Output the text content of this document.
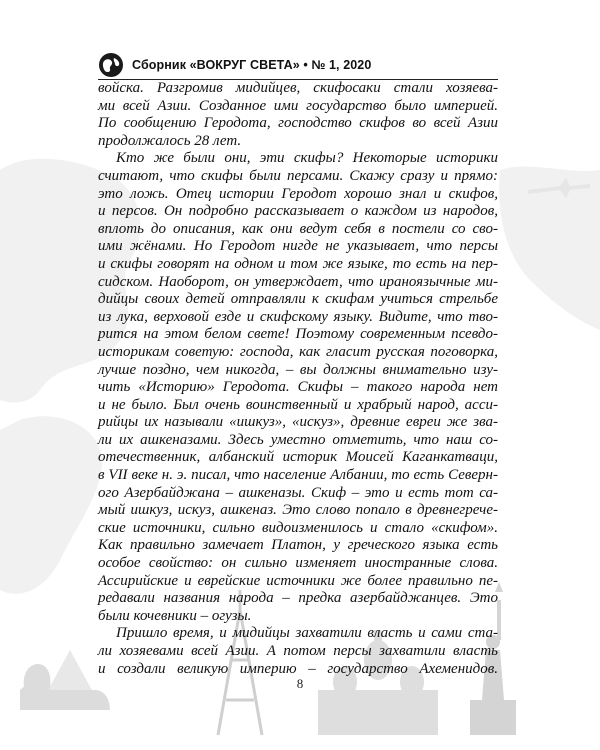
Сборник «ВОКРУГ СВЕТА» • № 1, 2020

войска. Разгромив мидийцев, скифосаки стали хозяева-
ми всей Азии. Созданное ими государство было империей.
По сообщению Геродота, господство скифов во всей Азии
продолжалось 28 лет.

Кто же были они, эти скифы? Некоторые историки
считают, что скифы были персами. Скажу сразу и прямо:
это ложь. Отец истории Геродот хорошо знал и скифов,
и персов. Он подробно рассказывает о каждом из народов,
вплоть до описания, как они ведут себя в постели со сво-
ими жёнами. Но Геродот нигде не указывает, что персы
и скифы говорят на одном и том же языке, то есть на пер-
сидском. Наоборот, он утверждает, что ираноязычные ми-
дийцы своих детей отправляли к скифам учиться стрельбе
из лука, верховой езде и скифскому языку. Видите, что тво-
рится на этом белом свете! Поэтому современным псевдо-
историкам советую: господа, как гласит русская поговорка,
лучше поздно, чем никогда, – вы должны внимательно изу-
чить «Историю» Геродота. Скифы – такого народа нет
и не было. Был очень воинственный и храбрый народ, асси-
рийцы их называли «ишкуз», «искуз», древние евреи же зва-
ли их ашкеназами. Здесь уместно отметить, что наш со-
отечественник, албанский историк Моисей Каганкатваци,
в VII веке н. э. писал, что население Албании, то есть Северн-
ого Азербайджана – ашкеназы. Скиф – это и есть тот са-
мый ишкуз, искуз, ашкеназ. Это слово попало в древнегрече-
ские источники, сильно видоизменилось и стало «скифом».
Как правильно замечает Платон, у греческого языка есть
особое свойство: он сильно изменяет иностранные слова.
Ассирийские и еврейские источники же более правильно пе-
редавали названия народа – предка азербайджанцев. Это
были кочевники – огузы.

Пришло время, и мидийцы захватили власть и сами ста-
ли хозяевами всей Азии. А потом персы захватили власть
и создали великую империю – государство Ахеменидов.

8
